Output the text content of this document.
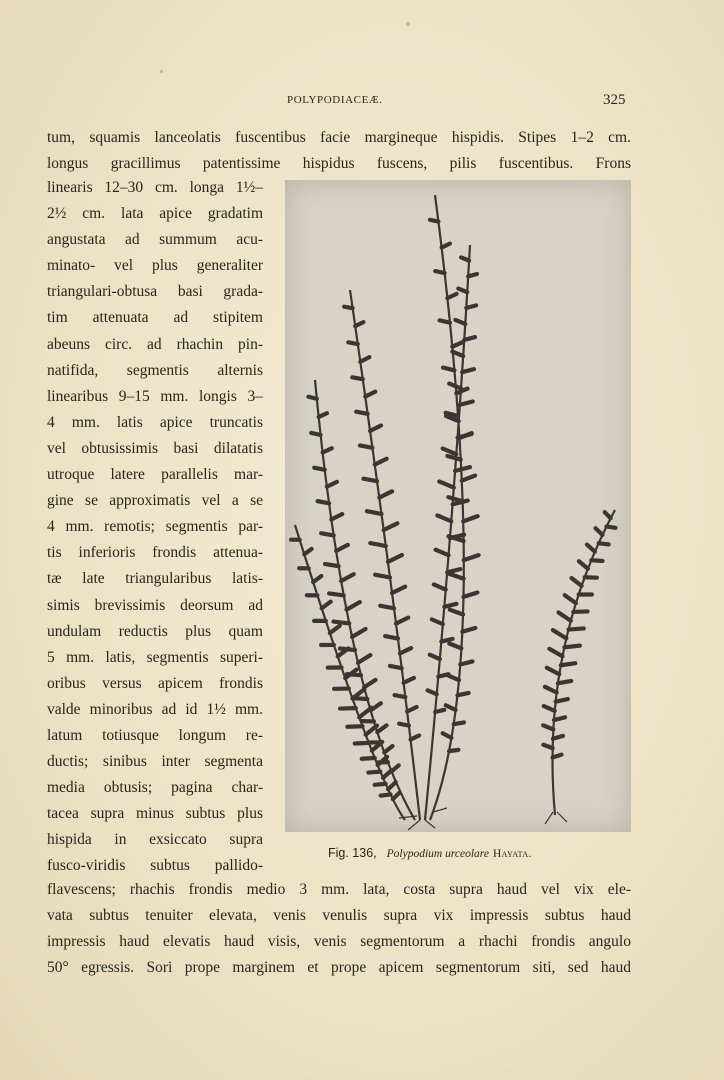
POLYPODIACEÆ.	325
tum, squamis lanceolatis fuscentibus facie margineque hispidis. Stipes 1–2 cm.
longus gracillimus patentissime hispidus fuscens, pilis fuscentibus. Frons
linearis 12–30 cm. longa 1½–
2½ cm. lata apice gradatim
angustata ad summum acu-
minato- vel plus generaliter
triangulari-obtusa basi grada-
tim attenuata ad stipitem
abeuns circ. ad rhachin pin-
natifida, segmentis alternis
linearibus 9–15 mm. longis 3–
4 mm. latis apice truncatis
vel obtusissimis basi dilatatis
utroque latere parallelis mar-
gine se approximatis vel a se
4 mm. remotis; segmentis par-
tis inferioris frondis attenua-
tæ late triangularibus latis-
simis brevissimis deorsum ad
undulam reductis plus quam
5 mm. latis, segmentis superi-
oribus versus apicem frondis
valde minoribus ad id 1½ mm.
latum totiusque longum re-
ductis; sinibus inter segmenta
media obtusis; pagina char-
tacea supra minus subtus plus
hispida in exsiccato supra
fusco-viridis subtus pallido-
Fig. 136, Polypodium urceolare Hayata.
flavescens; rhachis frondis medio 3 mm. lata, costa supra haud vel vix ele-
vata subtus tenuiter elevata, venis venulis supra vix impressis subtus haud
impressis haud elevatis haud visis, venis segmentorum a rhachi frondis angulo
50° egressis. Sori prope marginem et prope apicem segmentorum siti, sed haud
